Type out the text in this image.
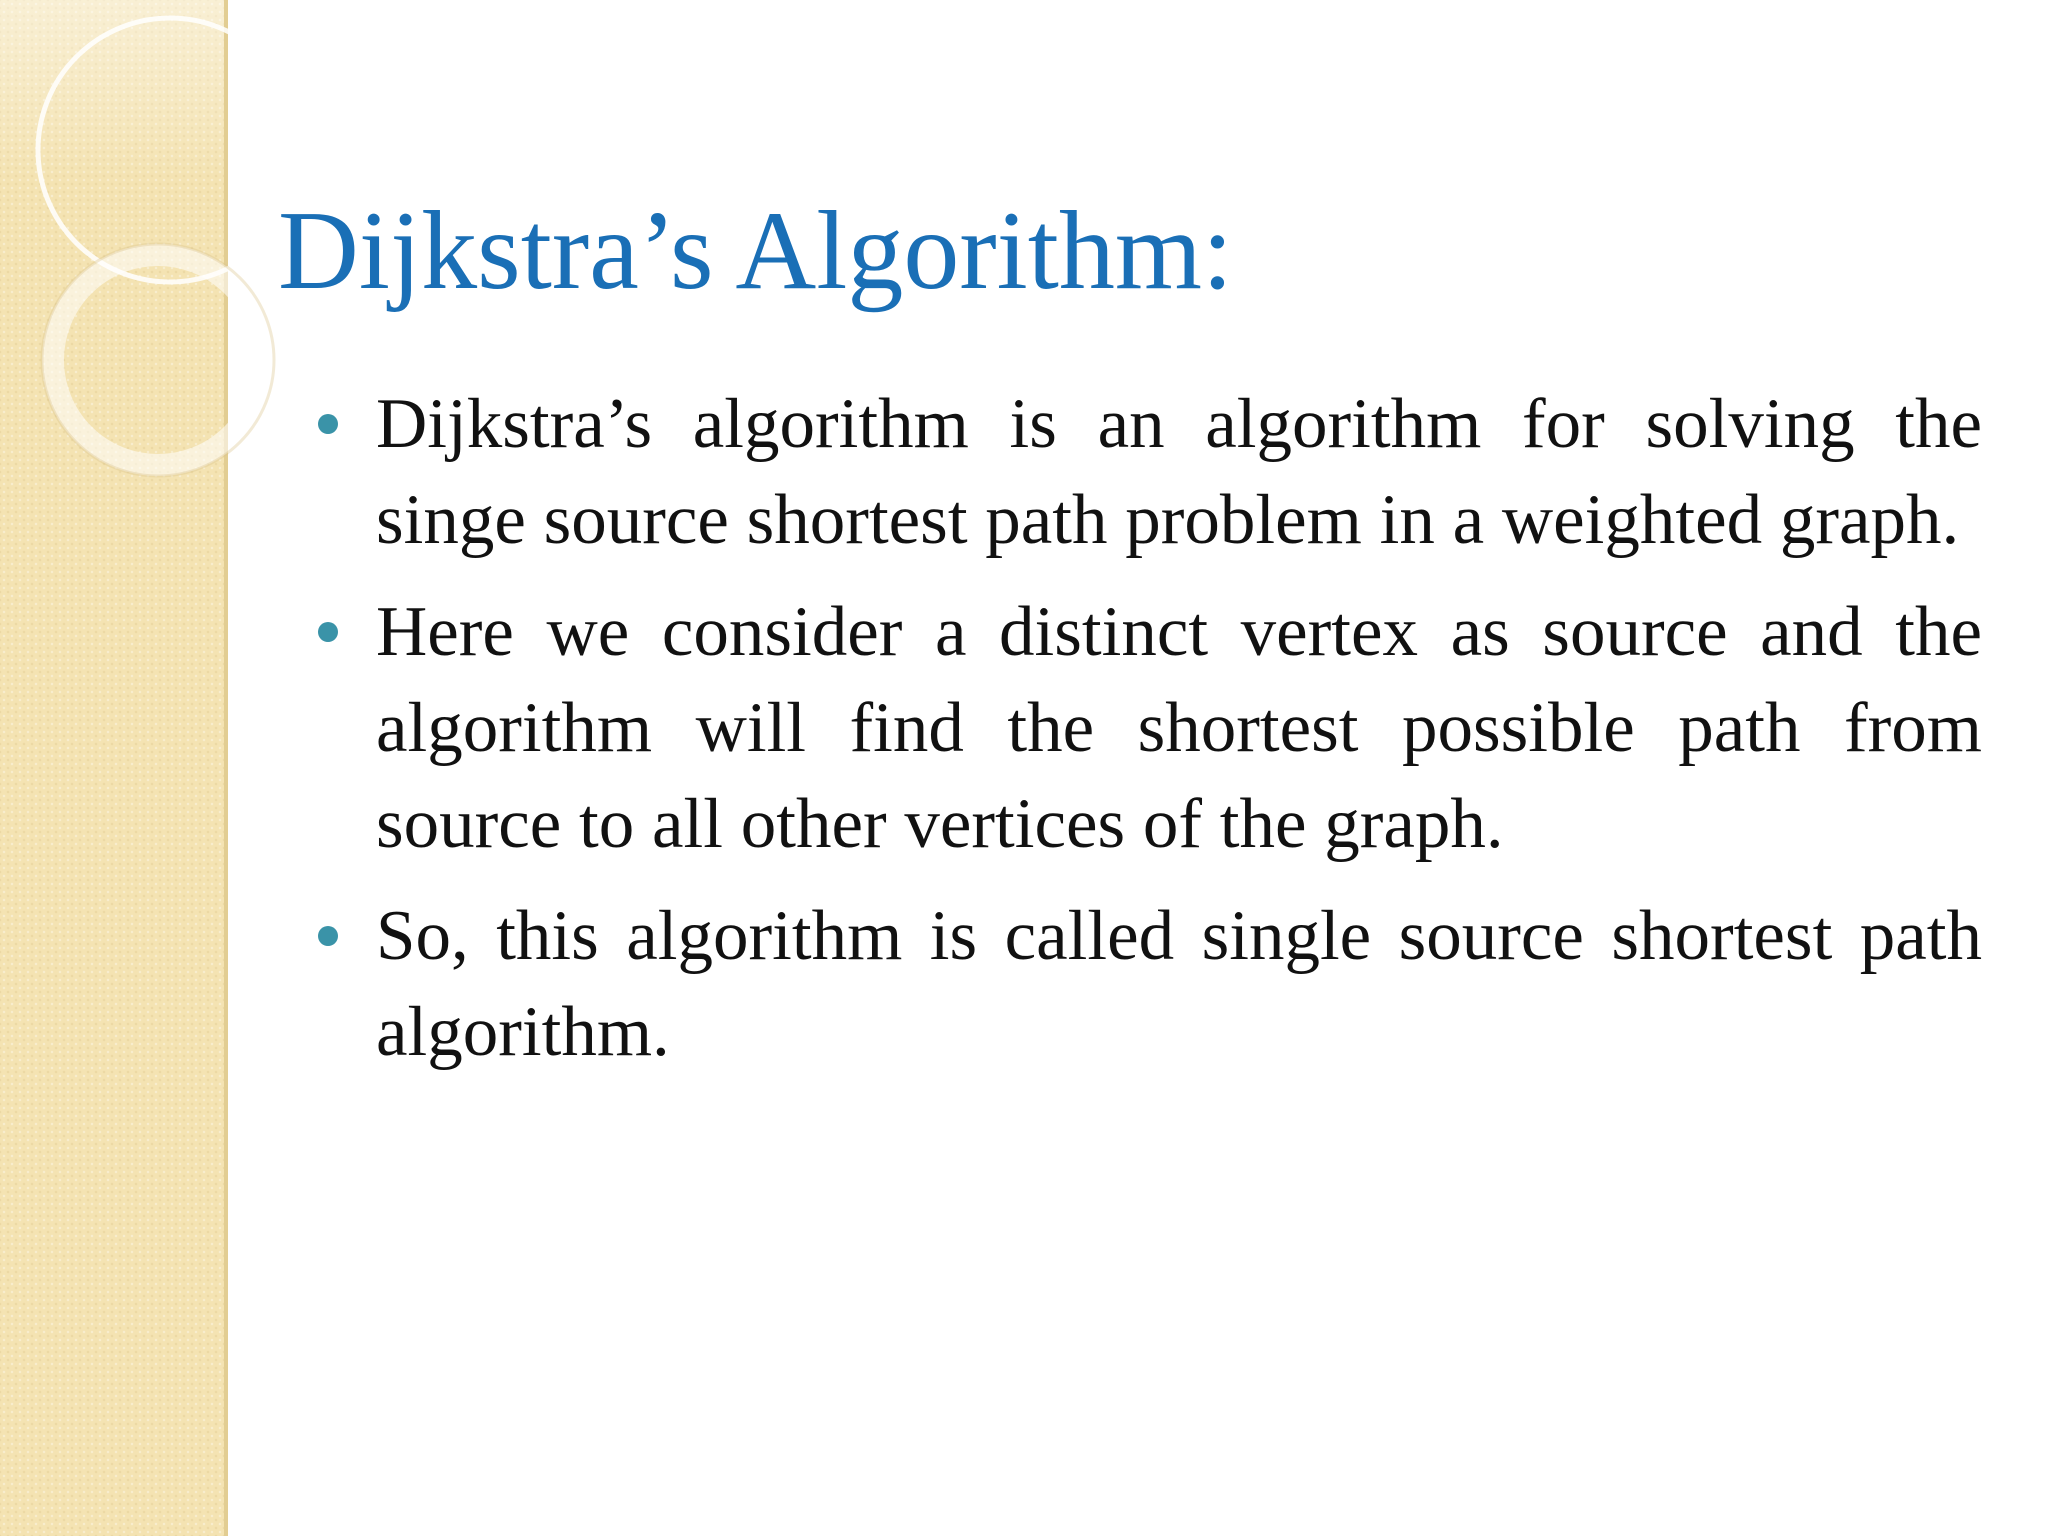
Dijkstra’s Algorithm:
Dijkstra’s algorithm is an algorithm for solving the singe source shortest path problem in a weighted graph.
Here we consider a distinct vertex as source and the algorithm will find the shortest possible path from source to all other vertices of the graph.
So, this algorithm is called single source shortest path algorithm.
